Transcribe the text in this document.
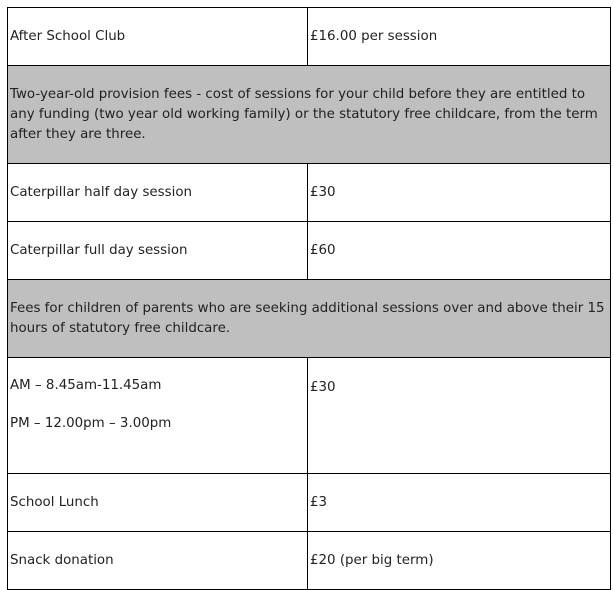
After School Club	£16.00 per session
Two-year-old provision fees - cost of sessions for your child before they are entitled to any funding (two year old working family) or the statutory free childcare, from the term after they are three.	
Caterpillar half day session	£30
Caterpillar full day session	£60
Fees for children of parents who are seeking additional sessions over and above their 15 hours of statutory free childcare.	

AM – 8.45am-11.45am
PM – 12.00pm – 3.00pm	£30
School Lunch	£3
Snack donation	£20 (per big term)
